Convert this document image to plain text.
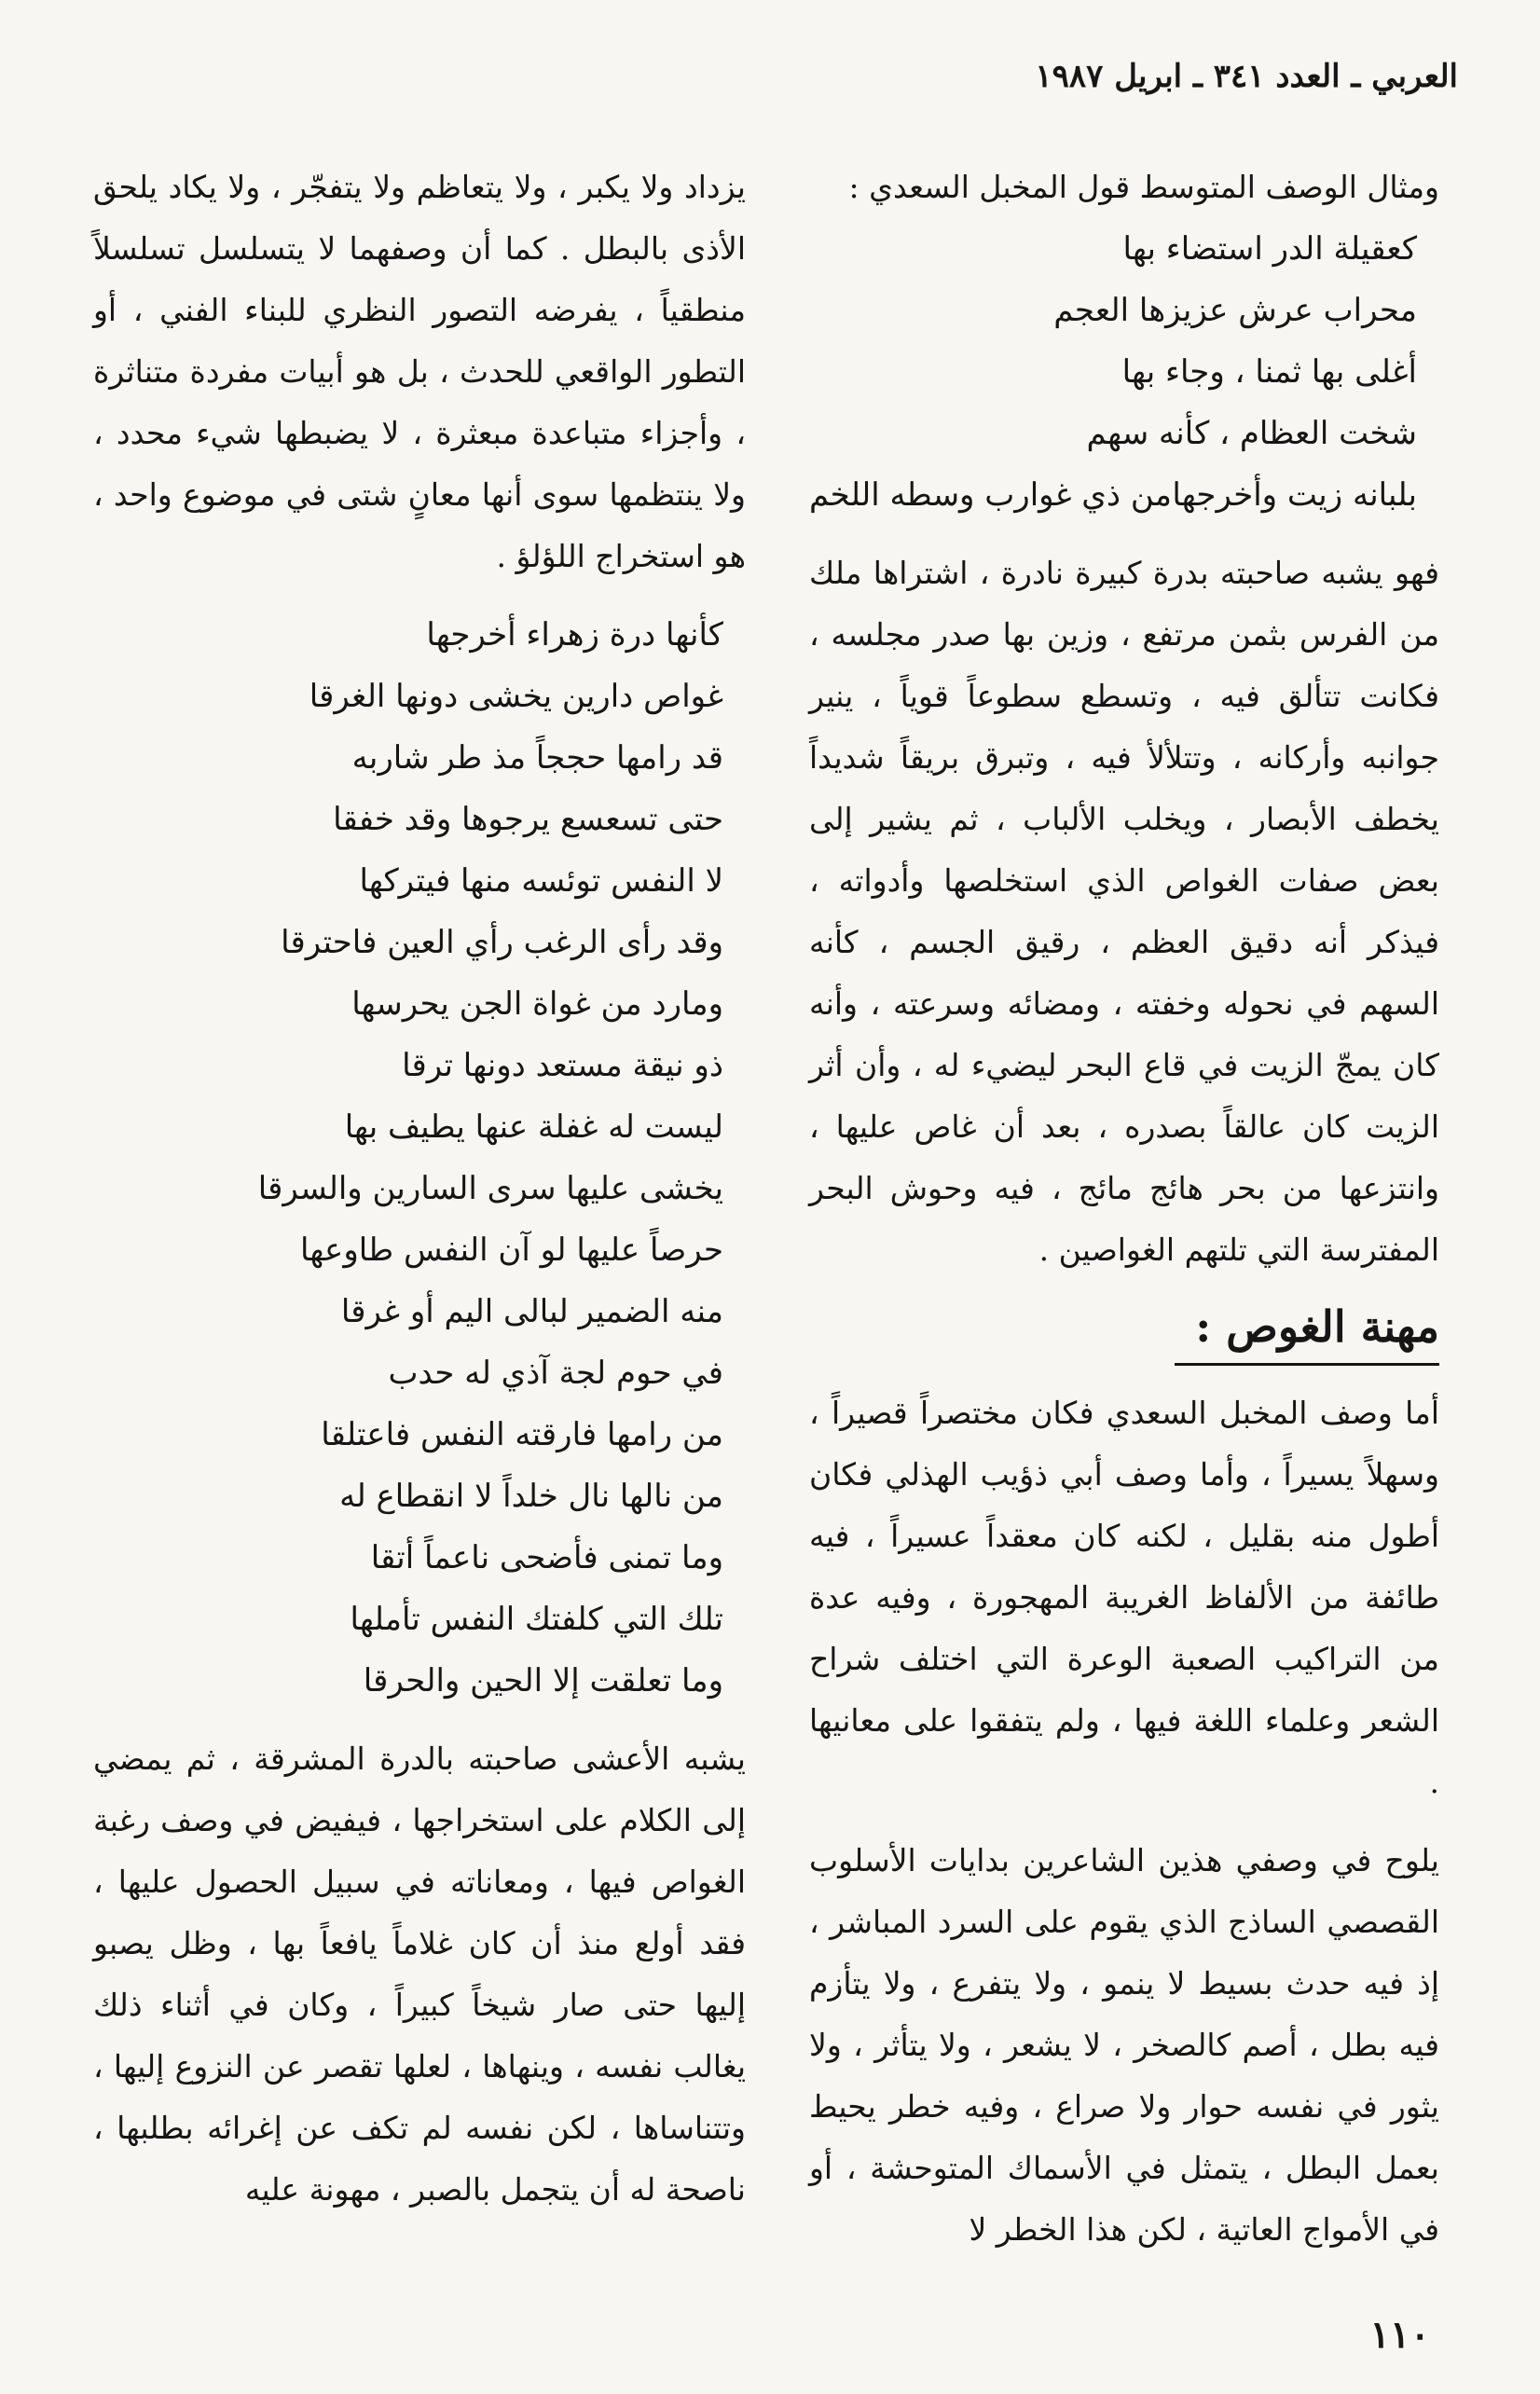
العربي ـ العدد ٣٤١ ـ ابريل ١٩٨٧

ومثال الوصف المتوسط قول المخبل السعدي :

كعقيلة الدر استضاء بها
محراب عرش عزيزها العجم
أغلى بها ثمنا ، وجاء بها
شخت العظام ، كأنه سهم
بلبانه زيت وأخرجها
من ذي غوارب وسطه اللخم

فهو يشبه صاحبته بدرة كبيرة نادرة ، اشتراها ملك من الفرس بثمن مرتفع ، وزين بها صدر مجلسه ، فكانت تتألق فيه ، وتسطع سطوعاً قوياً ، ينير جوانبه وأركانه ، وتتلألأ فيه ، وتبرق بريقاً شديداً يخطف الأبصار ، ويخلب الألباب ، ثم يشير إلى بعض صفات الغواص الذي استخلصها وأدواته ، فيذكر أنه دقيق العظم ، رقيق الجسم ، كأنه السهم في نحوله وخفته ، ومضائه وسرعته ، وأنه كان يمجّ الزيت في قاع البحر ليضيء له ، وأن أثر الزيت كان عالقاً بصدره ، بعد أن غاص عليها ، وانتزعها من بحر هائج مائج ، فيه وحوش البحر المفترسة التي تلتهم الغواصين .

مهنة الغوص :

أما وصف المخبل السعدي فكان مختصراً قصيراً ، وسهلاً يسيراً ، وأما وصف أبي ذؤيب الهذلي فكان أطول منه بقليل ، لكنه كان معقداً عسيراً ، فيه طائفة من الألفاظ الغريبة المهجورة ، وفيه عدة من التراكيب الصعبة الوعرة التي اختلف شراح الشعر وعلماء اللغة فيها ، ولم يتفقوا على معانيها .

يلوح في وصفي هذين الشاعرين بدايات الأسلوب القصصي الساذج الذي يقوم على السرد المباشر ، إذ فيه حدث بسيط لا ينمو ، ولا يتفرع ، ولا يتأزم فيه بطل ، أصم كالصخر ، لا يشعر ، ولا يتأثر ، ولا يثور في نفسه حوار ولا صراع ، وفيه خطر يحيط بعمل البطل ، يتمثل في الأسماك المتوحشة ، أو في الأمواج العاتية ، لكن هذا الخطر لا

يزداد ولا يكبر ، ولا يتعاظم ولا يتفجّر ، ولا يكاد يلحق الأذى بالبطل . كما أن وصفهما لا يتسلسل تسلسلاً منطقياً ، يفرضه التصور النظري للبناء الفني ، أو التطور الواقعي للحدث ، بل هو أبيات مفردة متناثرة ، وأجزاء متباعدة مبعثرة ، لا يضبطها شيء محدد ، ولا ينتظمها سوى أنها معانٍ شتى في موضوع واحد ، هو استخراج اللؤلؤ .

كأنها درة زهراء أخرجها
غواص دارين يخشى دونها الغرقا
قد رامها حججاً مذ طر شاربه
حتى تسعسع يرجوها وقد خفقا
لا النفس توئسه منها فيتركها
وقد رأى الرغب رأي العين فاحترقا
ومارد من غواة الجن يحرسها
ذو نيقة مستعد دونها ترقا
ليست له غفلة عنها يطيف بها
يخشى عليها سرى السارين والسرقا
حرصاً عليها لو آن النفس طاوعها
منه الضمير لبالى اليم أو غرقا
في حوم لجة آذي له حدب
من رامها فارقته النفس فاعتلقا
من نالها نال خلداً لا انقطاع له
وما تمنى فأضحى ناعماً أتقا
تلك التي كلفتك النفس تأملها
وما تعلقت إلا الحين والحرقا

يشبه الأعشى صاحبته بالدرة المشرقة ، ثم يمضي إلى الكلام على استخراجها ، فيفيض في وصف رغبة الغواص فيها ، ومعاناته في سبيل الحصول عليها ، فقد أولع منذ أن كان غلاماً يافعاً بها ، وظل يصبو إليها حتى صار شيخاً كبيراً ، وكان في أثناء ذلك يغالب نفسه ، وينهاها ، لعلها تقصر عن النزوع إليها ، وتتناساها ، لكن نفسه لم تكف عن إغرائه بطلبها ، ناصحة له أن يتجمل بالصبر ، مهونة عليه

١١٠
